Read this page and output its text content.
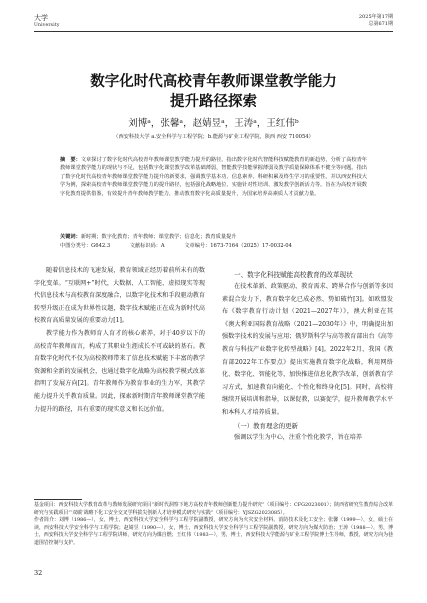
大学
University
2025年第17期
总第671期
数字化时代高校青年教师课堂教学能力
提升路径探索
刘博ᵃ，张馨ᵃ，赵婧昱ᵃ，王涛ᵃ，王红伟ᵇ
（西安科技大学 a.安全科学与工程学院；b.能源与矿业工程学院，陕西 西安 710054）
摘　要：文章探讨了数字化时代高校青年教师课堂教学能力提升的路径。指出数字化时代智能科技赋能教育的新趋势，分析了高校青年教师课堂教学能力的现状与不足，包括数字化课堂教学改革基础薄弱，智能教学技能掌握薄弱及教学质量保障体系不健全等问题。指出了数字化时代高校青年教师课堂教学能力提升的新要求，强调教学基本功、信息素养、科研积累及终生学习的重要性。并以西安科技大学为例，探索高校青年教师课堂教学能力的提升路径，包括强化战略地位、实施针对性培训、激发教学创新活力等。旨在为高校开展数字化教育提供借鉴，有效提升青年教师教学能力，推动教育数字化高质量提升，为国家培养高素质人才贡献力量。
关键词：新时期；数字化教育；青年教师；课堂教学；信息化；教育质量提升
中图分类号：G642.3	文献标识码：A	文章编号：1673-7164（2025）17-0032-04

随着信息技术的飞速发展，教育领域正经历着前所未有的数字化变革。“互联网+”时代，大数据、人工智能、虚拟现实等现代信息技术与高校教育深度融合，以数字化技术和手段驱动教育转型升级正在成为世界性议题，数字技术赋能正在成为新时代高校教育高质量发展的重要动力[1]。

教学能力作为教师育人育才的核心素养，对于40岁以下的高校青年教师而言，构成了其职业生涯成长不可或缺的基石。教育数字化时代不仅为高校教师带来了信息技术赋能下丰富的教学资源和全新的发展机会，也通过数字化战略为高校教学模式改革指明了发展方向[2]。青年教师作为教育事业的生力军，其教学能力提升关乎教育质量。因此，探索新时期青年教师课堂教学能力提升的路径，具有重要的现实意义和长远价值。

一、数字化科技赋能高校教育的改革现状

在技术革新、政策驱动、教育需求、跨界合作与创新等多因素混合发力下，教育数字化已成必然、势如破竹[3]。如欧盟发布《数字教育行动计划（2021—2027年）》，澳大利亚在其《澳大利亚国际教育战略（2021—2030年）》中，明确提出加强数字技术的发展与应用；俄罗斯科学与高等教育部出台《高等教育与科技产业数字化转型战略》[4]。2022年2月，我国《教育部2022年工作要点》提出实施教育数字化战略，利用网络化、数字化、智能化等，加快推进信息化教学改革，创新教育学习方式，加速教育向能化、个性化和终身化[5]。同时，高校将继续开展培训和指导，以课促教，以赛促学，提升教师教学水平和本科人才培养质量。

（一）教育理念的更新

强调以学生为中心，注重个性化教学，旨在培养

基金项目：西安科技大学教育改革与教师发展研究项目“新时代洞察下地方高校青年教师创新能力提升研究”（项目编号：CFG2023001）；陕西省研究生教育综合改革研究与实践项目“‘双碳’战略下化工安全交叉学科拔尖创新人才培养模式研究与实践”（项目编号：YJSZG2023085）。

作者简介：刘博（1986—），女，博士，西安科技大学安全科学与工程学院副教授，研究方向为火灾安全材料、消防技术及化工安全；张馨（1999—），女，硕士在读，西安科技大学安全科学与工程学院；赵婧昱（1990—），女，博士，西安科技大学安全科学与工程学院副教授，研究方向为煤火防治；王涛（1988—），男，博士，西安科技大学安全科学与工程学院讲师，研究方向为煤自燃；王红伟（1983—），男，博士，西安科技大学能源与矿业工程学院博士生导师，教授，研究方向为巷道围岩控制与支护。

32
